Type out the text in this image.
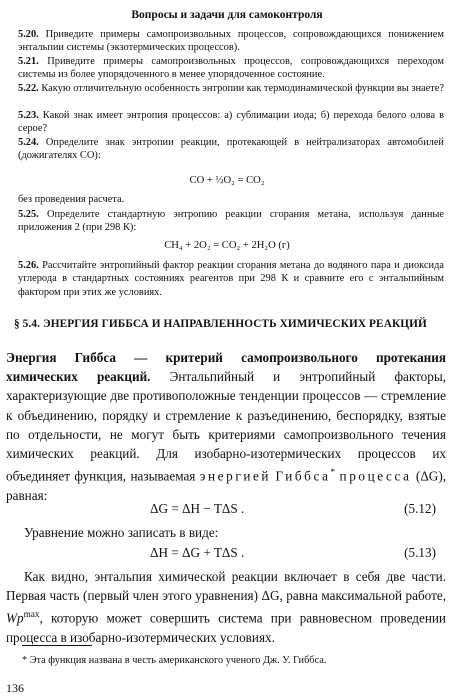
Вопросы и задачи для самоконтроля
5.20. Приведите примеры самопроизвольных процессов, сопровождающихся понижением энтальпии системы (экзотермических процессов).
5.21. Приведите примеры самопроизвольных процессов, сопровождающихся переходом системы из более упорядоченного в менее упорядоченное состояние.
5.22. Какую отличительную особенность энтропии как термодинамической функции вы знаете?
5.23. Какой знак имеет энтропия процессов: а) сублимации иода; б) перехода белого олова в серое?
5.24. Определите знак энтропии реакции, протекающей в нейтрализаторах автомобилей (дожигателях CO):
CO + ½O₂ = CO₂
без проведения расчета.
5.25. Определите стандартную энтропию реакции сгорания метана, используя данные приложения 2 (при 298 К):
CH₄ + 2O₂ = CO₂ + 2H₂O (г)
5.26. Рассчитайте энтропийный фактор реакции сгорания метана до водяного пара и диоксида углерода в стандартных состояниях реагентов при 298 К и сравните его с энтальпийным фактором при этих же условиях.
§ 5.4. ЭНЕРГИЯ ГИББСА И НАПРАВЛЕННОСТЬ ХИМИЧЕСКИХ РЕАКЦИЙ
Энергия Гиббса — критерий самопроизвольного протекания химических реакций. Энтальпийный и энтропийный факторы, характеризующие две противоположные тенденции процессов — стремление к объединению, порядку и стремление к разъединению, беспорядку, взятые по отдельности, не могут быть критериями самопроизвольного течения химических реакций. Для изобарно-изотермических процессов их объединяет функция, называемая энергией Гиббса* процесса (ΔG), равная:
ΔG = ΔH − TΔS .	(5.12)
Уравнение можно записать в виде:
ΔH = ΔG + TΔS .	(5.13)
Как видно, энтальпия химической реакции включает в себя две части. Первая часть (первый член этого уравнения) ΔG, равна максимальной работе, $Wp^{max}$, которую может совершить система при равновесном проведении процесса в изобарно-изотермических условиях.
* Эта функция названа в честь американского ученого Дж. У. Гиббса.
136
